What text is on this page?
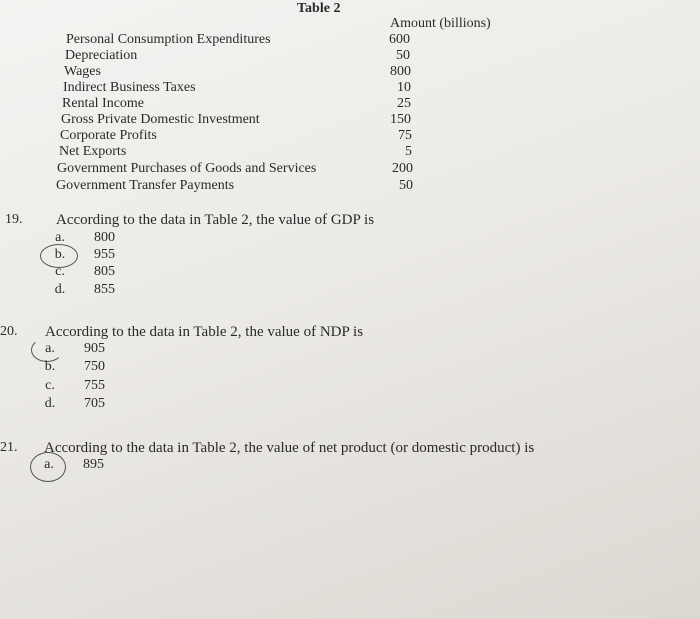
Table 2
Amount (billions)
Personal Consumption Expenditures	600
Depreciation	50
Wages	800
Indirect Business Taxes	10
Rental Income	25
Gross Private Domestic Investment	150
Corporate Profits	75
Net Exports	5
Government Purchases of Goods and Services	200
Government Transfer Payments	50
19. According to the data in Table 2, the value of GDP is
a.	800
b.	955
c.	805
d.	855
20. According to the data in Table 2, the value of NDP is
a.	905
b.	750
c.	755
d.	705
21. According to the data in Table 2, the value of net product (or domestic product) is
a.	895
